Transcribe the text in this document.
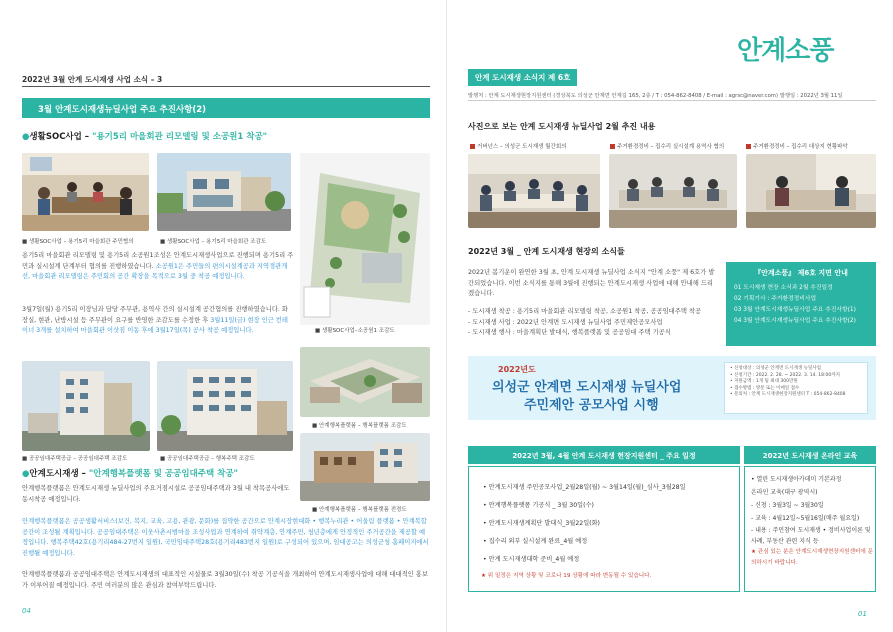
2022년 3월 안계 도시재생 사업 소식 – 3
3월 안계도시재생뉴딜사업 주요 추진사항(2)
●생활SOC사업 – "용기5리 마을회관 리모델링 및 소공원1 착공"
■ 생활SOC사업 – 용기5리 마을회관 주민협의	■ 생활SOC사업 – 용기5리 마을회관 조감도
■ 생활SOC사업–소공원1 조감도
용기5리 마을회관 리모델링 및 용기5리 소공원1조성은 안계도시재생사업으로 진행되며 용기5리 주민과 실시설계 단계부터 협의를 진행하였습니다. 소공원1은 주민들의 편의시설계공과 지역경관개선, 마을회관 리모델링은 주민회의 공간 확장을 목적으로 3월 중 착공 예정입니다.
3월7일(월) 용기5리 이장님과 담당 주무관, 용역사 간의 실시설계 공간협의를 진행하였습니다. 화장실, 현관, 난방시설 등 주무관이 요구를 반영한 조감도를 수정한 후 3월11일(금) 현장 인근 컨테이너 3개를 설치하여 마을회관 이삿짐 이동 후에 3월17일(목) 공사 착공 예정입니다.
■ 공공임대주택공급 – 공공임대주택 조감도	■ 공공임대주택공급 – 행복주택 조감도
■ 안계행복플랫폼 – 행복플랫폼 조감도
■ 안계행복플랫폼 – 행복플랫폼 전경도
●안계도시재생 – "안계행복플랫폼 및 공공임대주택 착공"
안계행복플랫폼은 안계도시재생 뉴딜사업의 주요거점시설로 공공임대주택과 3월 내 착목공사에도 동시착공 예정입니다.
안계행복플랫폼은 공공생활서비스(보건, 복지, 교육, 고용, 관광, 문화)를 집약한 공간으로 안계시장현대화 • 행복누리관 • 어울림 플랫폼 • 안계복합공간이 조성될 계획입니다. 공공임대주택은 이웃사촌시범마을 조성사업과 연계하여 취약계층, 안계주민, 청년층에게 안정적인 주거공간을 제공할 예정입니다. 행복주택42호(용기리484-27번지 일원), 국민임대주택28호(용기리483번지 일원)로 구성되어 있으며, 임대공고는 의성군청 홈페이지에서 진행될 예정입니다.
안계행복플랫폼과 공공임대주택은 안계도시재생의 대표적인 시설물로 3월30일(수) 착공 기공식을 개최하여 안계도시재생사업에 대해 대대적인 홍보가 이루어질 예정입니다. 주민 여러분의 많은 관심과 참여부탁드립니다.
04
안계소풍
안계 도시재생 소식지 제 6호
발행처 : 안계 도시재생현장지원센터 (경상북도 의성군 안계면 안계길 165, 2층 / T : 054-862-8408 / E-mail : agrsc@naver.com) 발행일 : 2022년 3월 11일
사진으로 보는 안계 도시재생 뉴딜사업 2월 추진 내용
거버넌스 – 의성군 도시재생 월간회의	주거환경정비 – 집수리 실시설계 용역사 협의	주거환경정비 – 집수리 대상지 현황파악
2022년 3월 _ 안계 도시재생 현장의 소식들
2022년 봄기운이 완연한 3월 초, 안계 도시재생 뉴딜사업 소식지 "안계 소풍" 제 6호가 발간되었습니다. 이번 소식지를 통해 3월에 진행되는 안계도시재생 사업에 대해 안내해 드리겠습니다.
- 도시재생 착공 : 용기5리 마을회관 리모델링 착공, 소공원1 착공, 공공임대주택 착공
- 도시재생 사업 : 2022년 안계면 도시재생 뉴딜사업 주민제안공모사업
- 도시재생 행사 : 마을계획단 발대식, 행복플랫폼 및 공공임대 주택 기공식
『안계소풍』 제6호 지면 안내
01 도시재생 현장 소식과 2월 추진일정
02 기획기사 : 주거환경정비사업
03 3월 안계도시재생뉴딜사업 주요 추진사항(1)
04 3월 안계도시재생뉴딜사업 주요 추진사항(2)
2022년도
의성군 안계면 도시재생 뉴딜사업
주민제안 공모사업 시행
• 신청대상 : 의성군 안계면 도시재생 뉴딜사업
• 신청기간 : 2022. 2. 28. ~ 2022. 3. 14. 18:00까지
• 지원금액 : 1개 팀 최대 300만원
• 접수방법 : 방문 또는 이메일 접수
• 문의처 : 안계 도시재생현장지원센터 T : 054-862-8408
2022년 3월, 4월 안계 도시재생 현장지원센터 _ 주요 일정
• 안계도시재생 주민공모사업_2월28일(월) ~ 3월14일(월)_심사_3월28일
• 안계행복플랫폼 기공식 _ 3월 30일(수)
• 안계도시재생계획단 발대식_3월22일(화)
• 집수리 외부 실시설계 완료_4월 예정
• 안계 도시재생대학 준비_4월 예정
★ 위 일정은 지역 상황 및 코로나 19 상황에 따라 변동될 수 있습니다.
2022년 도시재생 온라인 교육
• 열린 도시재생아카데미 기본과정
온라인 교육(대구 광역시)
- 신청 : 3월3일 ~ 3월30일
- 교육 : 4월12일~5월16일(매주 월요일)
- 내용 : 주민참여 도시재생 • 정비사업이론 및 사례, 부동산 관련 지식 등
★ 관심 있는 분은 안계도시재생현장지원센터에 문의하시기 바랍니다.
01
